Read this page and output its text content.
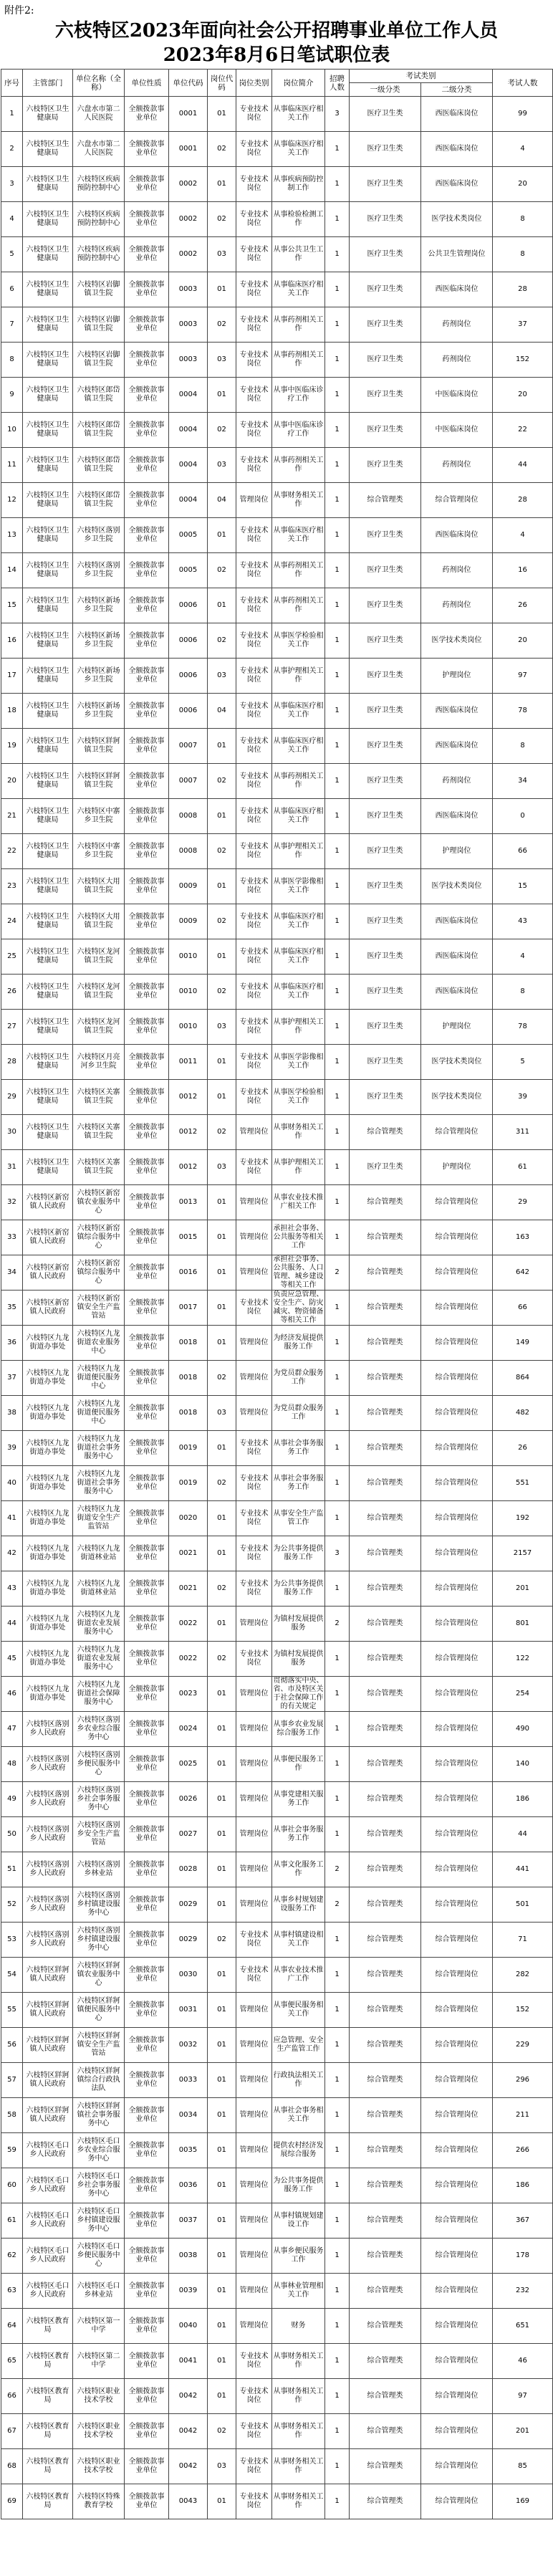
附件2:
六枝特区2023年面向社会公开招聘事业单位工作人员
2023年8月6日笔试职位表
序号	主管部门	单位名称（全称）	单位性质	单位代码	岗位代码	岗位类别	岗位简介	招聘人数	考试类别		考试人数
									一级分类	二级分类	
1	六枝特区卫生健康局	六盘水市第二人民医院	全额拨款事业单位	0001	01	专业技术岗位	从事临床医疗相关工作	3	医疗卫生类	西医临床岗位	99
2	六枝特区卫生健康局	六盘水市第二人民医院	全额拨款事业单位	0001	02	专业技术岗位	从事临床医疗相关工作	1	医疗卫生类	西医临床岗位	4
3	六枝特区卫生健康局	六枝特区疾病预防控制中心	全额拨款事业单位	0002	01	专业技术岗位	从事疾病预防控制工作	1	医疗卫生类	西医临床岗位	20
4	六枝特区卫生健康局	六枝特区疾病预防控制中心	全额拨款事业单位	0002	02	专业技术岗位	从事检验检测工作	1	医疗卫生类	医学技术类岗位	8
5	六枝特区卫生健康局	六枝特区疾病预防控制中心	全额拨款事业单位	0002	03	专业技术岗位	从事公共卫生工作	1	医疗卫生类	公共卫生管理岗位	8
6	六枝特区卫生健康局	六枝特区岩脚镇卫生院	全额拨款事业单位	0003	01	专业技术岗位	从事临床医疗相关工作	1	医疗卫生类	西医临床岗位	28
7	六枝特区卫生健康局	六枝特区岩脚镇卫生院	全额拨款事业单位	0003	02	专业技术岗位	从事药剂相关工作	1	医疗卫生类	药剂岗位	37
8	六枝特区卫生健康局	六枝特区岩脚镇卫生院	全额拨款事业单位	0003	03	专业技术岗位	从事药剂相关工作	1	医疗卫生类	药剂岗位	152
9	六枝特区卫生健康局	六枝特区郎岱镇卫生院	全额拨款事业单位	0004	01	专业技术岗位	从事中医临床诊疗工作	1	医疗卫生类	中医临床岗位	20
10	六枝特区卫生健康局	六枝特区郎岱镇卫生院	全额拨款事业单位	0004	02	专业技术岗位	从事中医临床诊疗工作	1	医疗卫生类	中医临床岗位	22
11	六枝特区卫生健康局	六枝特区郎岱镇卫生院	全额拨款事业单位	0004	03	专业技术岗位	从事药剂相关工作	1	医疗卫生类	药剂岗位	44
12	六枝特区卫生健康局	六枝特区郎岱镇卫生院	全额拨款事业单位	0004	04	管理岗位	从事财务相关工作	1	综合管理类	综合管理岗位	28
13	六枝特区卫生健康局	六枝特区落别乡卫生院	全额拨款事业单位	0005	01	专业技术岗位	从事临床医疗相关工作	1	医疗卫生类	西医临床岗位	4
14	六枝特区卫生健康局	六枝特区落别乡卫生院	全额拨款事业单位	0005	02	专业技术岗位	从事药剂相关工作	1	医疗卫生类	药剂岗位	16
15	六枝特区卫生健康局	六枝特区新场乡卫生院	全额拨款事业单位	0006	01	专业技术岗位	从事药剂相关工作	1	医疗卫生类	药剂岗位	26
16	六枝特区卫生健康局	六枝特区新场乡卫生院	全额拨款事业单位	0006	02	专业技术岗位	从事医学检验相关工作	1	医疗卫生类	医学技术类岗位	20
17	六枝特区卫生健康局	六枝特区新场乡卫生院	全额拨款事业单位	0006	03	专业技术岗位	从事护理相关工作	1	医疗卫生类	护理岗位	97
18	六枝特区卫生健康局	六枝特区新场乡卫生院	全额拨款事业单位	0006	04	专业技术岗位	从事临床医疗相关工作	1	医疗卫生类	西医临床岗位	78
19	六枝特区卫生健康局	六枝特区牂牁镇卫生院	全额拨款事业单位	0007	01	专业技术岗位	从事临床医疗相关工作	1	医疗卫生类	西医临床岗位	8
20	六枝特区卫生健康局	六枝特区牂牁镇卫生院	全额拨款事业单位	0007	02	专业技术岗位	从事药剂相关工作	1	医疗卫生类	药剂岗位	34
21	六枝特区卫生健康局	六枝特区中寨乡卫生院	全额拨款事业单位	0008	01	专业技术岗位	从事临床医疗相关工作	1	医疗卫生类	西医临床岗位	0
22	六枝特区卫生健康局	六枝特区中寨乡卫生院	全额拨款事业单位	0008	02	专业技术岗位	从事护理相关工作	1	医疗卫生类	护理岗位	66
23	六枝特区卫生健康局	六枝特区大用镇卫生院	全额拨款事业单位	0009	01	专业技术岗位	从事医学影像相关工作	1	医疗卫生类	医学技术类岗位	15
24	六枝特区卫生健康局	六枝特区大用镇卫生院	全额拨款事业单位	0009	02	专业技术岗位	从事临床医疗相关工作	1	医疗卫生类	西医临床岗位	43
25	六枝特区卫生健康局	六枝特区龙河镇卫生院	全额拨款事业单位	0010	01	专业技术岗位	从事临床医疗相关工作	1	医疗卫生类	西医临床岗位	4
26	六枝特区卫生健康局	六枝特区龙河镇卫生院	全额拨款事业单位	0010	02	专业技术岗位	从事临床医疗相关工作	1	医疗卫生类	西医临床岗位	8
27	六枝特区卫生健康局	六枝特区龙河镇卫生院	全额拨款事业单位	0010	03	专业技术岗位	从事护理相关工作	1	医疗卫生类	护理岗位	78
28	六枝特区卫生健康局	六枝特区月亮河乡卫生院	全额拨款事业单位	0011	01	专业技术岗位	从事医学影像相关工作	1	医疗卫生类	医学技术类岗位	5
29	六枝特区卫生健康局	六枝特区关寨镇卫生院	全额拨款事业单位	0012	01	专业技术岗位	从事医学检验相关工作	1	医疗卫生类	医学技术类岗位	39
30	六枝特区卫生健康局	六枝特区关寨镇卫生院	全额拨款事业单位	0012	02	管理岗位	从事财务相关工作	1	综合管理类	综合管理岗位	311
31	六枝特区卫生健康局	六枝特区关寨镇卫生院	全额拨款事业单位	0012	03	专业技术岗位	从事护理相关工作	1	医疗卫生类	护理岗位	61
32	六枝特区新窑镇人民政府	六枝特区新窑镇农业服务中心	全额拨款事业单位	0013	01	管理岗位	从事农业技术推广相关工作	1	综合管理类	综合管理岗位	29
33	六枝特区新窑镇人民政府	六枝特区新窑镇综合服务中心	全额拨款事业单位	0015	01	管理岗位	承担社会事务、公共服务等相关工作	1	综合管理类	综合管理岗位	163
34	六枝特区新窑镇人民政府	六枝特区新窑镇综合服务中心	全额拨款事业单位	0016	01	管理岗位	承担社会事务、公共服务、人口管理、城乡建设等相关工作	2	综合管理类	综合管理岗位	642
35	六枝特区新窑镇人民政府	六枝特区新窑镇安全生产监管站	全额拨款事业单位	0017	01	专业技术岗位	负责应急管理、安全生产、防灾减灾、物资储备等相关工作	1	综合管理类	综合管理岗位	66
36	六枝特区九龙街道办事处	六枝特区九龙街道农业服务中心	全额拨款事业单位	0018	01	管理岗位	为经济发展提供服务工作	1	综合管理类	综合管理岗位	149
37	六枝特区九龙街道办事处	六枝特区九龙街道便民服务中心	全额拨款事业单位	0018	02	管理岗位	为党员群众服务工作	1	综合管理类	综合管理岗位	864
38	六枝特区九龙街道办事处	六枝特区九龙街道便民服务中心	全额拨款事业单位	0018	03	管理岗位	为党员群众服务工作	1	综合管理类	综合管理岗位	482
39	六枝特区九龙街道办事处	六枝特区九龙街道社会事务服务中心	全额拨款事业单位	0019	01	专业技术岗位	从事社会事务服务工作	1	综合管理类	综合管理岗位	26
40	六枝特区九龙街道办事处	六枝特区九龙街道社会事务服务中心	全额拨款事业单位	0019	02	专业技术岗位	从事社会事务服务工作	1	综合管理类	综合管理岗位	551
41	六枝特区九龙街道办事处	六枝特区九龙街道安全生产监管站	全额拨款事业单位	0020	01	专业技术岗位	从事安全生产监管工作	1	综合管理类	综合管理岗位	192
42	六枝特区九龙街道办事处	六枝特区九龙街道林业站	全额拨款事业单位	0021	01	专业技术岗位	为公共事务提供服务工作	3	综合管理类	综合管理岗位	2157
43	六枝特区九龙街道办事处	六枝特区九龙街道林业站	全额拨款事业单位	0021	02	专业技术岗位	为公共事务提供服务工作	1	综合管理类	综合管理岗位	201
44	六枝特区九龙街道办事处	六枝特区九龙街道农业发展服务中心	全额拨款事业单位	0022	01	管理岗位	为镇村发展提供服务	2	综合管理类	综合管理岗位	801
45	六枝特区九龙街道办事处	六枝特区九龙街道农业发展服务中心	全额拨款事业单位	0022	02	专业技术岗位	为镇村发展提供服务	1	综合管理类	综合管理岗位	122
46	六枝特区九龙街道办事处	六枝特区九龙街道社会保障服务中心	全额拨款事业单位	0023	01	管理岗位	贯彻落实中央、省、市及特区关于社会保障工作的有关规定	1	综合管理类	综合管理岗位	254
47	六枝特区落别乡人民政府	六枝特区落别乡农业综合服务中心	全额拨款事业单位	0024	01	管理岗位	从事乡农业发展综合服务工作	1	综合管理类	综合管理岗位	490
48	六枝特区落别乡人民政府	六枝特区落别乡便民服务中心	全额拨款事业单位	0025	01	管理岗位	从事便民服务工作	1	综合管理类	综合管理岗位	140
49	六枝特区落别乡人民政府	六枝特区落别乡社会事务服务中心	全额拨款事业单位	0026	01	管理岗位	从事党建相关服务工作	1	综合管理类	综合管理岗位	186
50	六枝特区落别乡人民政府	六枝特区落别乡安全生产监管站	全额拨款事业单位	0027	01	管理岗位	从事社会事务服务工作	1	综合管理类	综合管理岗位	44
51	六枝特区落别乡人民政府	六枝特区落别乡林业站	全额拨款事业单位	0028	01	管理岗位	从事文化服务工作	2	综合管理类	综合管理岗位	441
52	六枝特区落别乡人民政府	六枝特区落别乡村镇建设服务中心	全额拨款事业单位	0029	01	管理岗位	从事乡村规划建设服务工作	2	综合管理类	综合管理岗位	501
53	六枝特区落别乡人民政府	六枝特区落别乡村镇建设服务中心	全额拨款事业单位	0029	02	专业技术岗位	从事村镇建设相关工作	1	综合管理类	综合管理岗位	71
54	六枝特区牂牁镇人民政府	六枝特区牂牁镇农业服务中心	全额拨款事业单位	0030	01	专业技术岗位	从事农业技术推广工作	1	综合管理类	综合管理岗位	282
55	六枝特区牂牁镇人民政府	六枝特区牂牁镇便民服务中心	全额拨款事业单位	0031	01	管理岗位	从事便民服务相关工作	1	综合管理类	综合管理岗位	152
56	六枝特区牂牁镇人民政府	六枝特区牂牁镇安全生产监管站	全额拨款事业单位	0032	01	管理岗位	应急管理、安全生产监管工作	1	综合管理类	综合管理岗位	229
57	六枝特区牂牁镇人民政府	六枝特区牂牁镇综合行政执法队	全额拨款事业单位	0033	01	管理岗位	行政执法相关工作	1	综合管理类	综合管理岗位	296
58	六枝特区牂牁镇人民政府	六枝特区牂牁镇社会事务服务中心	全额拨款事业单位	0034	01	管理岗位	从事社会事务相关工作	1	综合管理类	综合管理岗位	211
59	六枝特区毛口乡人民政府	六枝特区毛口乡农业综合服务中心	全额拨款事业单位	0035	01	管理岗位	提供农村经济发展综合服务	1	综合管理类	综合管理岗位	266
60	六枝特区毛口乡人民政府	六枝特区毛口乡社会事务服务中心	全额拨款事业单位	0036	01	管理岗位	为公共事务提供服务工作	1	综合管理类	综合管理岗位	186
61	六枝特区毛口乡人民政府	六枝特区毛口乡村镇建设服务中心	全额拨款事业单位	0037	01	管理岗位	从事村镇规划建设工作	1	综合管理类	综合管理岗位	367
62	六枝特区毛口乡人民政府	六枝特区毛口乡便民服务中心	全额拨款事业单位	0038	01	管理岗位	从事乡便民服务工作	1	综合管理类	综合管理岗位	178
63	六枝特区毛口乡人民政府	六枝特区毛口乡林业站	全额拨款事业单位	0039	01	管理岗位	从事林业管理相关工作	1	综合管理类	综合管理岗位	232
64	六枝特区教育局	六枝特区第一中学	全额拨款事业单位	0040	01	管理岗位	财务	1	综合管理类	综合管理岗位	651
65	六枝特区教育局	六枝特区第二中学	全额拨款事业单位	0041	01	专业技术岗位	从事财务相关工作	1	综合管理类	综合管理岗位	46
66	六枝特区教育局	六枝特区职业技术学校	全额拨款事业单位	0042	01	专业技术岗位	从事财务相关工作	1	综合管理类	综合管理岗位	97
67	六枝特区教育局	六枝特区职业技术学校	全额拨款事业单位	0042	02	专业技术岗位	从事财务相关工作	1	综合管理类	综合管理岗位	201
68	六枝特区教育局	六枝特区职业技术学校	全额拨款事业单位	0042	03	专业技术岗位	从事财务相关工作	1	综合管理类	综合管理岗位	85
69	六枝特区教育局	六枝特区特殊教育学校	全额拨款事业单位	0043	01	专业技术岗位	从事财务相关工作	1	综合管理类	综合管理岗位	169
